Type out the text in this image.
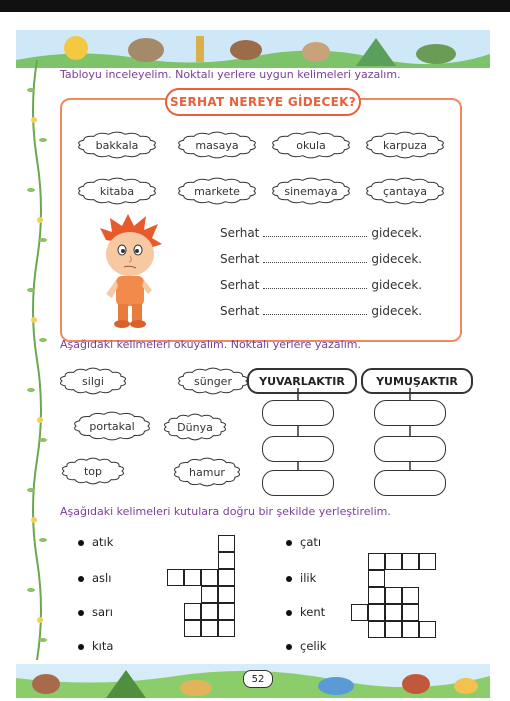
Tabloyu inceleyelim. Noktalı yerlere uygun kelimeleri yazalım.
SERHAT NEREYE GİDECEK?
bakkala	masaya	okula	karpuza
kitaba	markete	sinemaya	çantaya
Serhat	gidecek.
Serhat	gidecek.
Serhat	gidecek.
Serhat	gidecek.
Aşağıdaki kelimeleri okuyalım. Noktalı yerlere yazalım.
silgi	sünger
portakal	Dünya
top	hamur
YUVARLAKTIR	YUMUŞAKTIR
Aşağıdaki kelimeleri kutulara doğru bir şekilde yerleştirelim.
atık
aslı
sarı
kıta
çatı
ilik
kent
çelik
52
